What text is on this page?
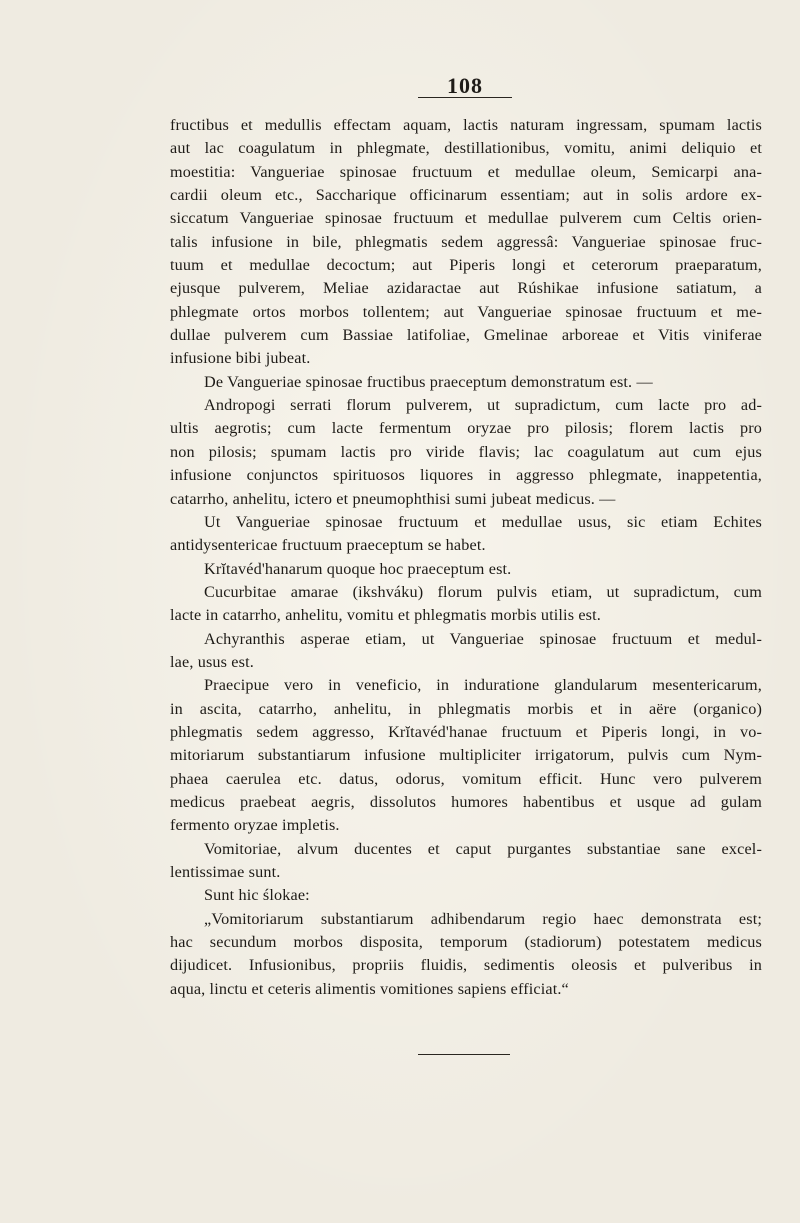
108
fructibus et medullis effectam aquam, lactis naturam ingressam, spumam lactis
aut lac coagulatum in phlegmate, destillationibus, vomitu, animi deliquio et
moestitia: Vangueriae spinosae fructuum et medullae oleum, Semicarpi ana-
cardii oleum etc., Saccharique officinarum essentiam; aut in solis ardore ex-
siccatum Vangueriae spinosae fructuum et medullae pulverem cum Celtis orien-
talis infusione in bile, phlegmatis sedem aggressâ: Vangueriae spinosae fruc-
tuum et medullae decoctum; aut Piperis longi et ceterorum praeparatum,
ejusque pulverem, Meliae azidaractae aut Rúshikae infusione satiatum, a
phlegmate ortos morbos tollentem; aut Vangueriae spinosae fructuum et me-
dullae pulverem cum Bassiae latifoliae, Gmelinae arboreae et Vitis viniferae
infusione bibi jubeat.
De Vangueriae spinosae fructibus praeceptum demonstratum est. —
Andropogi serrati florum pulverem, ut supradictum, cum lacte pro ad-
ultis aegrotis; cum lacte fermentum oryzae pro pilosis; florem lactis pro
non pilosis; spumam lactis pro viride flavis; lac coagulatum aut cum ejus
infusione conjunctos spirituosos liquores in aggresso phlegmate, inappetentia,
catarrho, anhelitu, ictero et pneumophthisi sumi jubeat medicus. —
Ut Vangueriae spinosae fructuum et medullae usus, sic etiam Echites
antidysentericae fructuum praeceptum se habet.
Krĭtavéd'hanarum quoque hoc praeceptum est.
Cucurbitae amarae (ikshváku) florum pulvis etiam, ut supradictum, cum
lacte in catarrho, anhelitu, vomitu et phlegmatis morbis utilis est.
Achyranthis asperae etiam, ut Vangueriae spinosae fructuum et medul-
lae, usus est.
Praecipue vero in veneficio, in induratione glandularum mesentericarum,
in ascita, catarrho, anhelitu, in phlegmatis morbis et in aëre (organico)
phlegmatis sedem aggresso, Krĭtavéd'hanae fructuum et Piperis longi, in vo-
mitoriarum substantiarum infusione multipliciter irrigatorum, pulvis cum Nym-
phaea caerulea etc. datus, odorus, vomitum efficit. Hunc vero pulverem
medicus praebeat aegris, dissolutos humores habentibus et usque ad gulam
fermento oryzae impletis.
Vomitoriae, alvum ducentes et caput purgantes substantiae sane excel-
lentissimae sunt.
Sunt hic ślokae:
„Vomitoriarum substantiarum adhibendarum regio haec demonstrata est;
hac secundum morbos disposita, temporum (stadiorum) potestatem medicus
dijudicet. Infusionibus, propriis fluidis, sedimentis oleosis et pulveribus in
aqua, linctu et ceteris alimentis vomitiones sapiens efficiat.“
